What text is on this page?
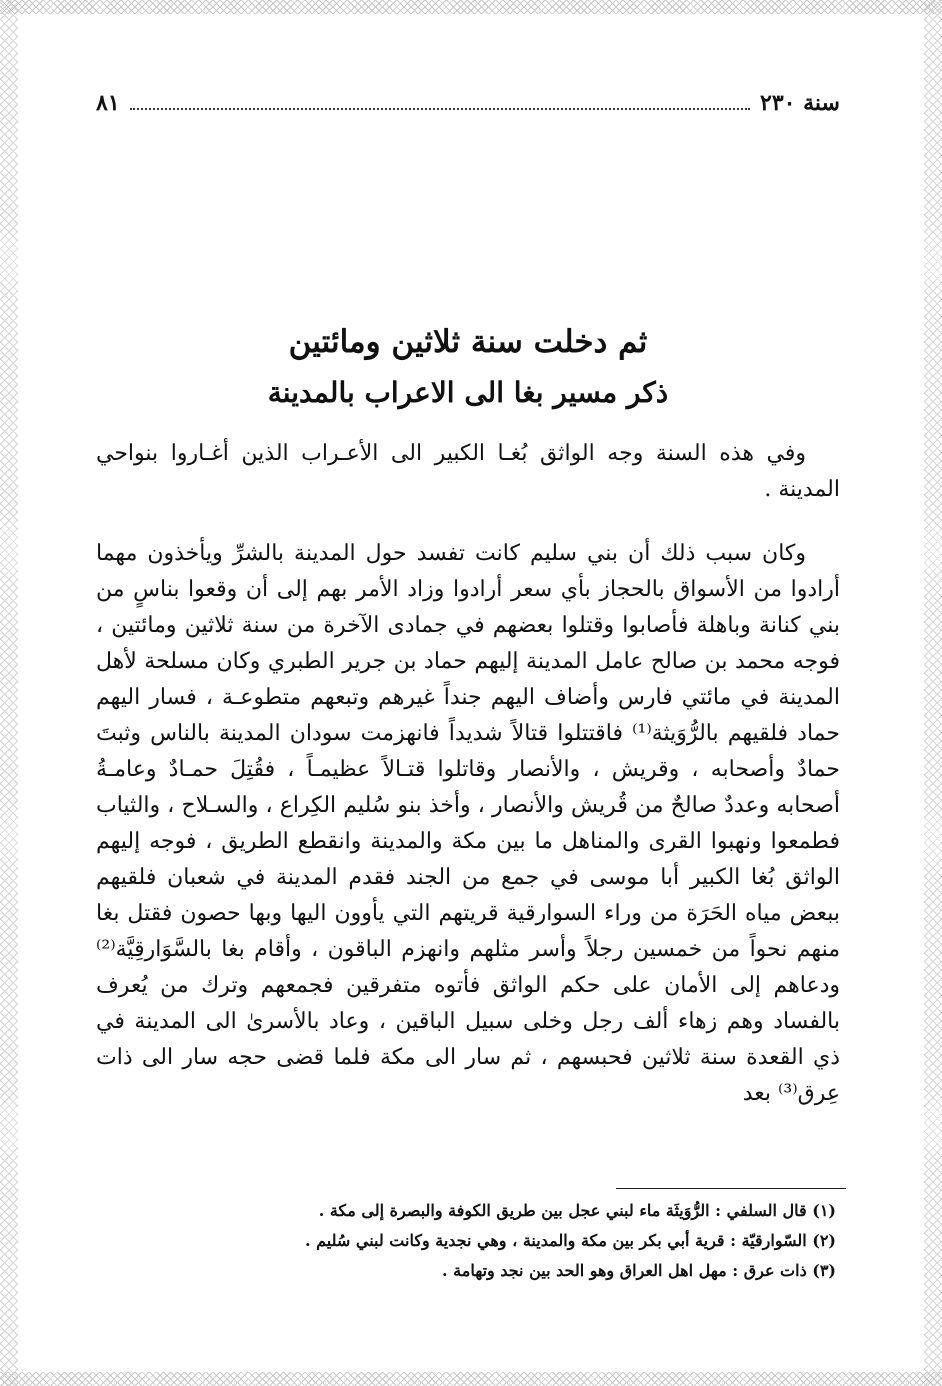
سنة ٢٣٠
٨١
ثم دخلت سنة ثلاثين ومائتين
ذكر مسير بغا الى الاعراب بالمدينة

وفي هذه السنة وجه الواثق بُغـا الكبير الى الأعـراب الذين أغـاروا بنواحي المدينة .

وكان سبب ذلك أن بني سليم كانت تفسد حول المدينة بالشرِّ ويأخذون مهما أرادوا من الأسواق بالحجاز بأي سعر أرادوا وزاد الأمر بهم إلى أن وقعوا بناسٍ من بني كنانة وباهلة فأصابوا وقتلوا بعضهم في جمادى الآخرة من سنة ثلاثين ومائتين ، فوجه محمد بن صالح عامل المدينة إليهم حماد بن جرير الطبري وكان مسلحة لأهل المدينة في مائتي فارس وأضاف اليهم جنداً غيرهم وتبعهم متطوعـة ، فسار اليهم حماد فلقيهم بالرُّوَيثة⁽¹⁾ فاقتتلوا قتالاً شديداً فانهزمت سودان المدينة بالناس وثبتَ حمادٌ وأصحابه ، وقريش ، والأنصار وقاتلوا قتـالاً عظيمـاً ، فقُتِلَ حمـادٌ وعامـةُ أصحابه وعددٌ صالحٌ من قُريش والأنصار ، وأخذ بنو سُليم الكِراع ، والسـلاح ، والثياب فطمعوا ونهبوا القرى والمناهل ما بين مكة والمدينة وانقطع الطريق ، فوجه إليهم الواثق بُغا الكبير أبا موسى في جمع من الجند فقدم المدينة في شعبان فلقيهم ببعض مياه الحَرَة من وراء السوارقية قريتهم التي يأوون اليها وبها حصون فقتل بغا منهم نحواً من خمسين رجلاً وأسر مثلهم وانهزم الباقون ، وأقام بغا بالسَّوَارقِيَّة⁽²⁾ ودعاهم إلى الأمان على حكم الواثق فأتوه متفرقين فجمعهم وترك من يُعرف بالفساد وهم زهاء ألف رجل وخلى سبيل الباقين ، وعاد بالأسرىٰ الى المدينة في ذي القعدة سنة ثلاثين فحبسهم ، ثم سار الى مكة فلما قضى حجه سار الى ذات عِرق⁽³⁾ بعد

(١) قال السلفي : الرُّوَيثَة ماء لبني عجل بين طريق الكوفة والبصرة إلى مكة .

(٢) السّوارقيّة : قرية أبي بكر بين مكة والمدينة ، وهي نجدية وكانت لبني سُليم .

(٣) ذات عرق : مهل اهل العراق وهو الحد بين نجد وتهامة .
